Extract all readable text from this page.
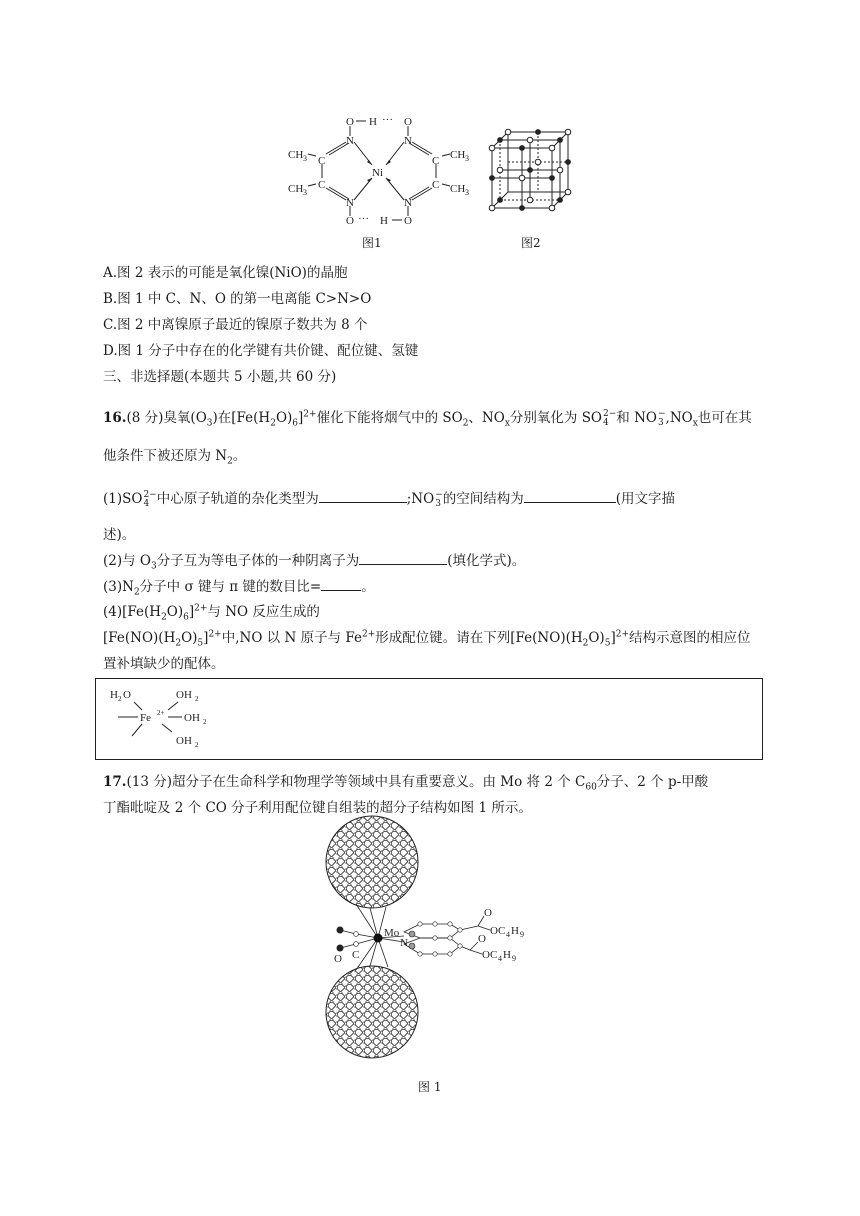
O H ··· O
N	N
C	C
C	C
Ni
N	N
O ··· H O
CH 3
CH 3
CH 3
CH 3
图1	图2
A.图 2 表示的可能是氧化镍(NiO)的晶胞
B.图 1 中 C、N、O 的第一电离能 C>N>O
C.图 2 中离镍原子最近的镍原子数共为 8 个
D.图 1 分子中存在的化学键有共价键、配位键、氢键
三、非选择题(本题共 5 小题,共 60 分)
16.(8 分)臭氧$(O_3)$在$[Fe(H_2O)_6]^{2+}$催化下能将烟气中的 $SO_2$、$NO_x$分别氧化为 SO 2−
4 和 NO −
3 $,NO_x$也可在其
他条件下被还原为 $N_2$。
(1)SO 2−
4 中心原子轨道的杂化类型为	;NO −
3 的空间结构为	(用文字描
述)。
(2)与 $O_3$分子互为等电子体的一种阴离子为	(填化学式)。
$(3)N_2$分子中 σ 键与 π 键的数目比=	。
$(4)[Fe(H_2O)_6]^{2+}$与 NO 反应生成的
$[Fe(NO)(H_2O)_5]^{2+}$中,NO 以 N 原子与 $Fe^{2+}$形成配位键。请在下列$[Fe(NO)(H_2O)_5]^{2+}$结构示意图的相应位
置补填缺少的配体。
H 2 O	OH 2
Fe 2+ OH 2
OH 2
17.(13 分)超分子在生命科学和物理学等领域中具有重要意义。由 Mo 将 2 个 $C_{60}$分子、2 个 p-甲酸
丁酯吡啶及 2 个 CO 分子利用配位键自组装的超分子结构如图 1 所示。
Mo
N
C
O
O
OC 4 H 9
O
OC 4 H 9
图 1
